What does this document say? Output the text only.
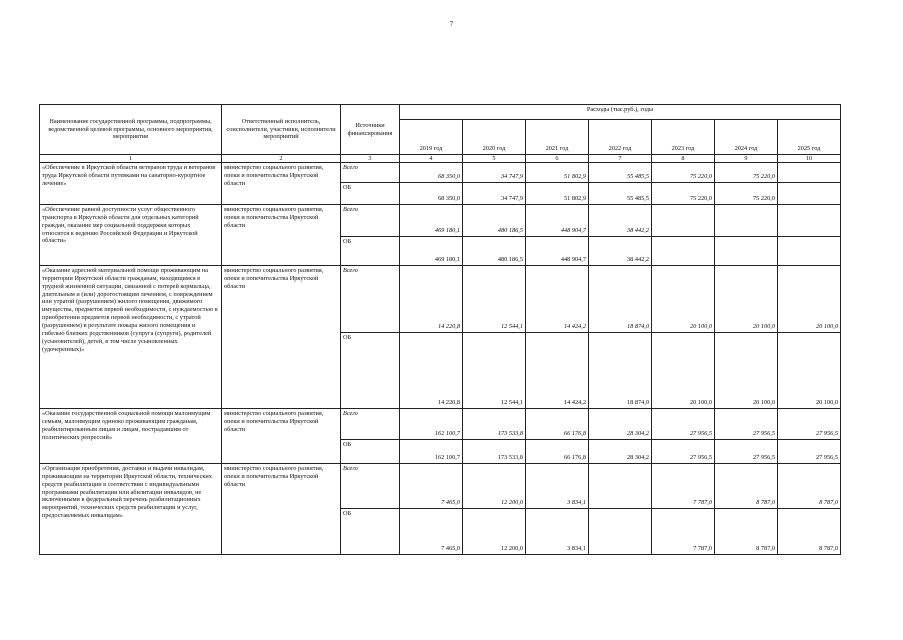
7
Наименование государственной программы, подпрограммы, ведомственной целевой программы, основного мероприятия, мероприятия	Ответственный исполнитель, соисполнители, участники, исполнители мероприятий	Источники финансирования	Расходы (тыс.руб.), годы						
			2019 год	2020 год	2021 год	2022 год	2023 год	2024 год	2025 год
1	2	3	4	5	6	7	8	9	10
«Обеспечение в Иркутской области ветеранов труда и ветеранов труда Иркутской области путевками на санаторно-курортное лечение»	министерство социального развития, опеки и попечительства Иркутской области	Всего	68 350,0	34 747,9	51 802,9	55 485,5	75 220,0	75 220,0	
		ОБ	68 350,0	34 747,9	51 802,9	55 485,5	75 220,0	75 220,0	
«Обеспечение равной доступности услуг общественного транспорта в Иркутской области для отдельных категорий граждан, оказание мер социальной поддержки которых относится к ведению Российской Федерации и Иркутской области»	министерство социального развития, опеки и попечительства Иркутской области	Всего	469 180,1	480 186,5	448 904,7	38 442,2			
		ОБ	469 180,1	480 186,5	448 904,7	38 442,2			
«Оказание адресной материальной помощи проживающим на территории Иркутской области гражданам, находящимся в трудной жизненной ситуации, связанной с потерей кормильца, длительным и (или) дорогостоящим лечением, с повреждением или утратой (разрушением) жилого помещения, движимого имущества, предметов первой необходимости, с нуждаемостью в приобретении предметов первой необходимости, с утратой (разрушением) в результате пожара жилого помещения и гибелью близких родственников (супруга (супруги), родителей (усыновителей), детей, в том числе усыновленных (удочеренных)»	министерство социального развития, опеки и попечительства Иркутской области	Всего	14 220,8	12 544,1	14 424,2	18 874,0	20 100,0	20 100,0	20 100,0
		ОБ	14 220,8	12 544,1	14 424,2	18 874,0	20 100,0	20 100,0	20 100,0
«Оказание государственной социальной помощи малоимущим семьям, малоимущим одиноко проживающим гражданам, реабилитированным лицам и лицам, пострадавшим от политических репрессий»	министерство социального развития, опеки и попечительства Иркутской области	Всего	162 100,7	173 533,8	66 176,8	28 304,2	27 956,5	27 956,5	27 956,5
		ОБ	162 100,7	173 533,8	66 176,8	28 304,2	27 956,5	27 956,5	27 956,5
«Организация приобретения, доставки и выдачи инвалидам, проживающим на территории Иркутской области, технических средств реабилитации в соответствии с индивидуальными программами реабилитации или абилитации инвалидов, не включенными в федеральный перечень реабилитационных мероприятий, технических средств реабилитации и услуг, предоставляемых инвалидам»	министерство социального развития, опеки и попечительства Иркутской области	Всего	7 465,0	12 200,0	3 834,1		7 787,0	8 787,0	8 787,0
		ОБ	7 465,0	12 200,0	3 834,1		7 787,0	8 787,0	8 787,0
